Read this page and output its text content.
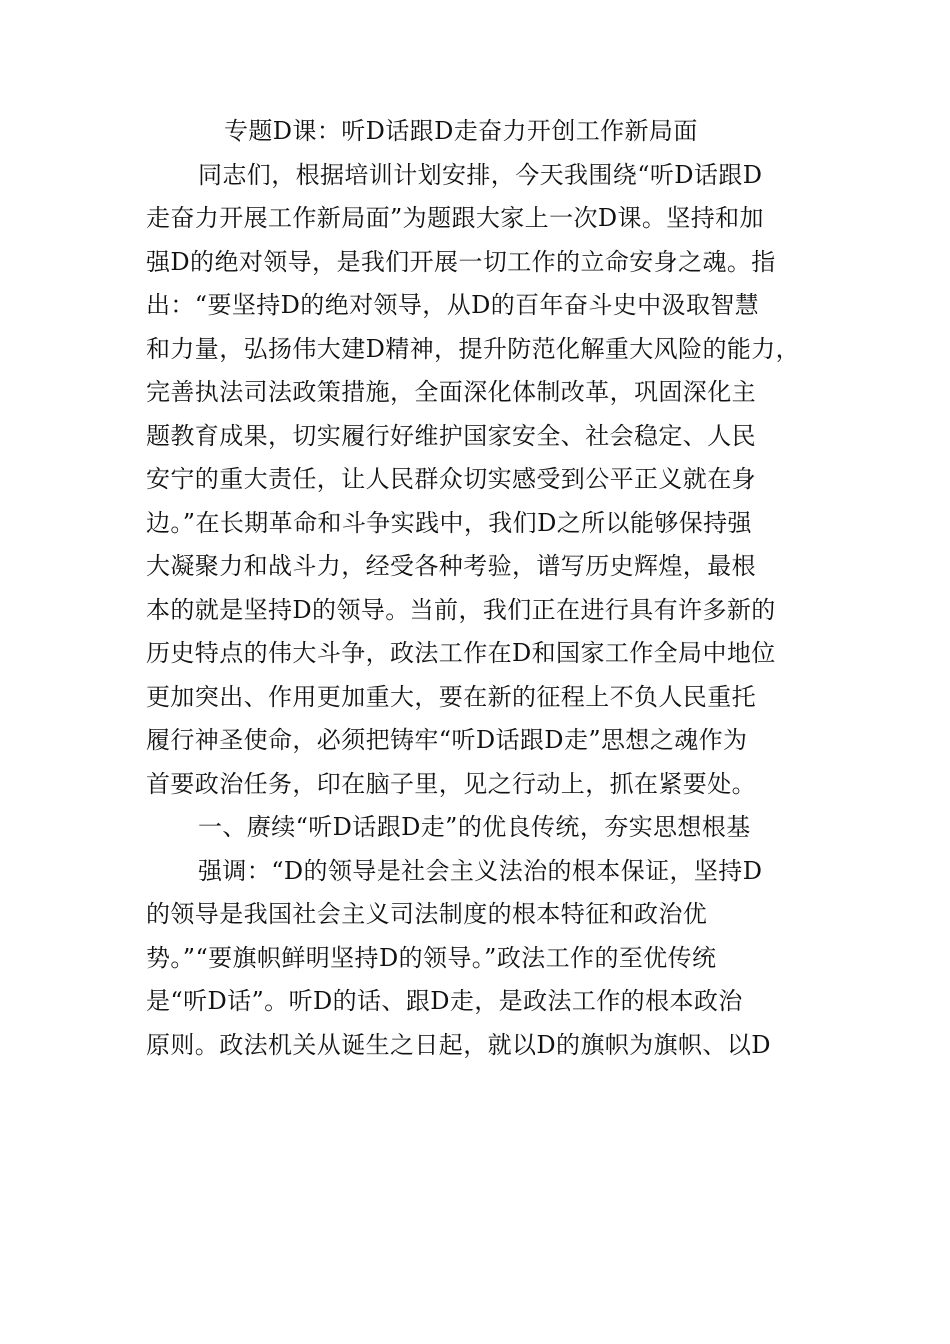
专题D课：听D话跟D走奋力开创工作新局面
同志们，根据培训计划安排，今天我围绕“听D话跟D
走奋力开展工作新局面”为题跟大家上一次D课。坚持和加
强D的绝对领导，是我们开展一切工作的立命安身之魂。指
出：“要坚持D的绝对领导，从D的百年奋斗史中汲取智慧
和力量，弘扬伟大建D精神，提升防范化解重大风险的能力，
完善执法司法政策措施，全面深化体制改革，巩固深化主
题教育成果，切实履行好维护国家安全、社会稳定、人民
安宁的重大责任，让人民群众切实感受到公平正义就在身
边。”在长期革命和斗争实践中，我们D之所以能够保持强
大凝聚力和战斗力，经受各种考验，谱写历史辉煌，最根
本的就是坚持D的领导。当前，我们正在进行具有许多新的
历史特点的伟大斗争，政法工作在D和国家工作全局中地位
更加突出、作用更加重大，要在新的征程上不负人民重托
履行神圣使命，必须把铸牢“听D话跟D走”思想之魂作为
首要政治任务，印在脑子里，见之行动上，抓在紧要处。
一、赓续“听D话跟D走”的优良传统，夯实思想根基
强调：“D的领导是社会主义法治的根本保证，坚持D
的领导是我国社会主义司法制度的根本特征和政治优
势。”“要旗帜鲜明坚持D的领导。”政法工作的至优传统
是“听D话”。听D的话、跟D走，是政法工作的根本政治
原则。政法机关从诞生之日起，就以D的旗帜为旗帜、以D
